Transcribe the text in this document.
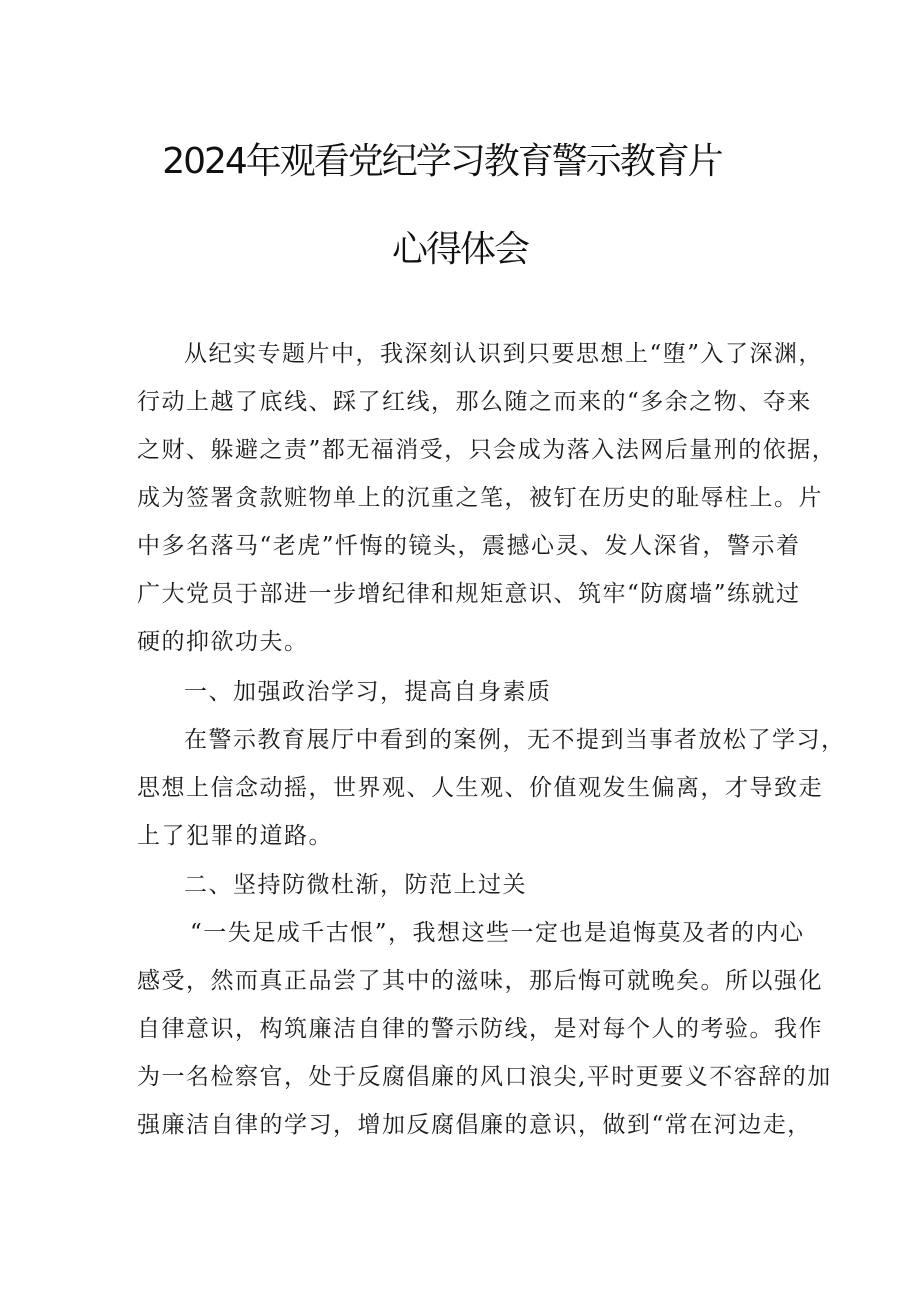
2024年观看党纪学习教育警示教育片
心得体会
从纪实专题片中，我深刻认识到只要思想上“堕”入了深渊，
行动上越了底线、踩了红线，那么随之而来的“多余之物、夺来
之财、躲避之责”都无福消受，只会成为落入法网后量刑的依据，
成为签署贪款赃物单上的沉重之笔，被钉在历史的耻辱柱上。片
中多名落马“老虎”忏悔的镜头，震撼心灵、发人深省，警示着
广大党员于部进一步增纪律和规矩意识、筑牢“防腐墙”练就过
硬的抑欲功夫。
一、加强政治学习，提高自身素质
在警示教育展厅中看到的案例，无不提到当事者放松了学习，
思想上信念动摇，世界观、人生观、价值观发生偏离，才导致走
上了犯罪的道路。
二、坚持防微杜渐，防范上过关
“一失足成千古恨”，我想这些一定也是追悔莫及者的内心
感受，然而真正品尝了其中的滋味，那后悔可就晚矣。所以强化
自律意识，构筑廉洁自律的警示防线，是对每个人的考验。我作
为一名检察官，处于反腐倡廉的风口浪尖,平时更要义不容辞的加
强廉洁自律的学习，增加反腐倡廉的意识，做到“常在河边走，
